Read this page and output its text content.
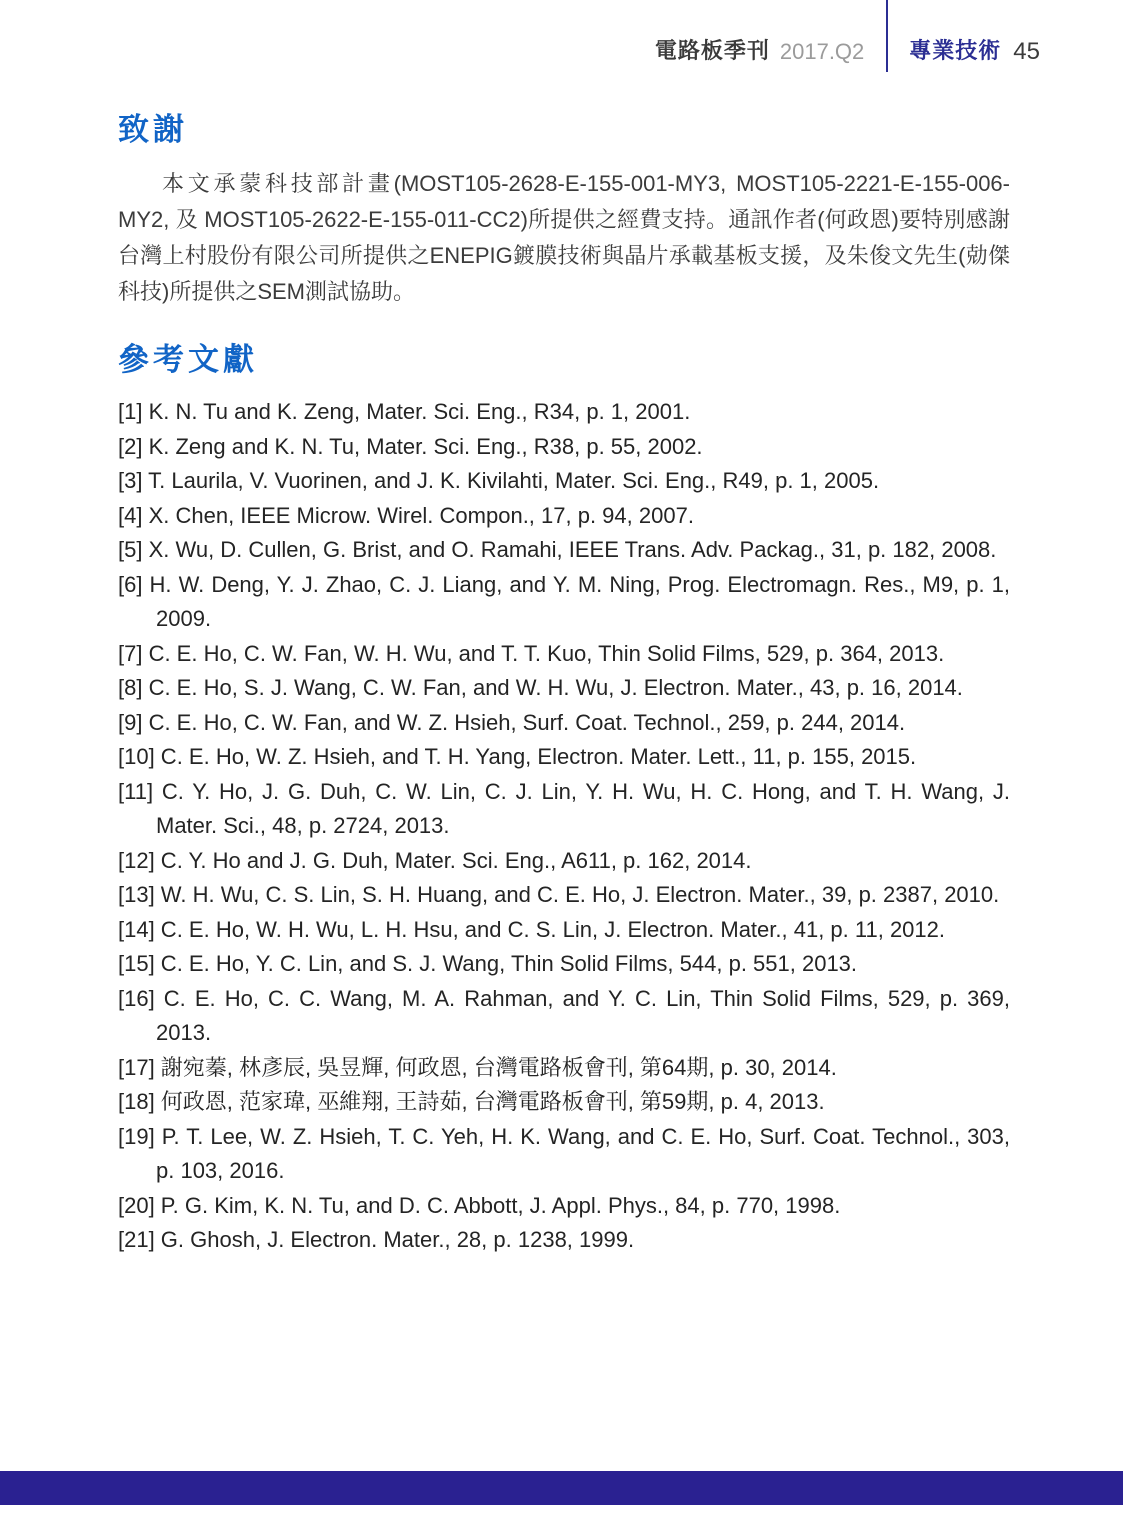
電路板季刊 2017.Q2 專業技術 45
致謝

本文承蒙科技部計畫(MOST105-2628-E-155-001-MY3, MOST105-2221-E-155-006-MY2, 及 MOST105-2622-E-155-011-CC2)所提供之經費支持。通訊作者(何政恩)要特別感謝台灣上村股份有限公司所提供之ENEPIG鍍膜技術與晶片承載基板支援，及朱俊文先生(勀傑科技)所提供之SEM測試協助。

參考文獻
[1] K. N. Tu and K. Zeng, Mater. Sci. Eng., R34, p. 1, 2001.
[2] K. Zeng and K. N. Tu, Mater. Sci. Eng., R38, p. 55, 2002.
[3] T. Laurila, V. Vuorinen, and J. K. Kivilahti, Mater. Sci. Eng., R49, p. 1, 2005.
[4] X. Chen, IEEE Microw. Wirel. Compon., 17, p. 94, 2007.
[5] X. Wu, D. Cullen, G. Brist, and O. Ramahi, IEEE Trans. Adv. Packag., 31, p. 182, 2008.
[6] H. W. Deng, Y. J. Zhao, C. J. Liang, and Y. M. Ning, Prog. Electromagn. Res., M9, p. 1, 2009.
[7] C. E. Ho, C. W. Fan, W. H. Wu, and T. T. Kuo, Thin Solid Films, 529, p. 364, 2013.
[8] C. E. Ho, S. J. Wang, C. W. Fan, and W. H. Wu, J. Electron. Mater., 43, p. 16, 2014.
[9] C. E. Ho, C. W. Fan, and W. Z. Hsieh, Surf. Coat. Technol., 259, p. 244, 2014.
[10] C. E. Ho, W. Z. Hsieh, and T. H. Yang, Electron. Mater. Lett., 11, p. 155, 2015.
[11] C. Y. Ho, J. G. Duh, C. W. Lin, C. J. Lin, Y. H. Wu, H. C. Hong, and T. H. Wang, J. Mater. Sci., 48, p. 2724, 2013.
[12] C. Y. Ho and J. G. Duh, Mater. Sci. Eng., A611, p. 162, 2014.
[13] W. H. Wu, C. S. Lin, S. H. Huang, and C. E. Ho, J. Electron. Mater., 39, p. 2387, 2010.
[14] C. E. Ho, W. H. Wu, L. H. Hsu, and C. S. Lin, J. Electron. Mater., 41, p. 11, 2012.
[15] C. E. Ho, Y. C. Lin, and S. J. Wang, Thin Solid Films, 544, p. 551, 2013.
[16] C. E. Ho, C. C. Wang, M. A. Rahman, and Y. C. Lin, Thin Solid Films, 529, p. 369, 2013.
[17] 謝宛蓁, 林彥辰, 吳昱輝, 何政恩, 台灣電路板會刊, 第64期, p. 30, 2014.
[18] 何政恩, 范家瑋, 巫維翔, 王詩茹, 台灣電路板會刊, 第59期, p. 4, 2013.
[19] P. T. Lee, W. Z. Hsieh, T. C. Yeh, H. K. Wang, and C. E. Ho, Surf. Coat. Technol., 303, p. 103, 2016.
[20] P. G. Kim, K. N. Tu, and D. C. Abbott, J. Appl. Phys., 84, p. 770, 1998.
[21] G. Ghosh, J. Electron. Mater., 28, p. 1238, 1999.
